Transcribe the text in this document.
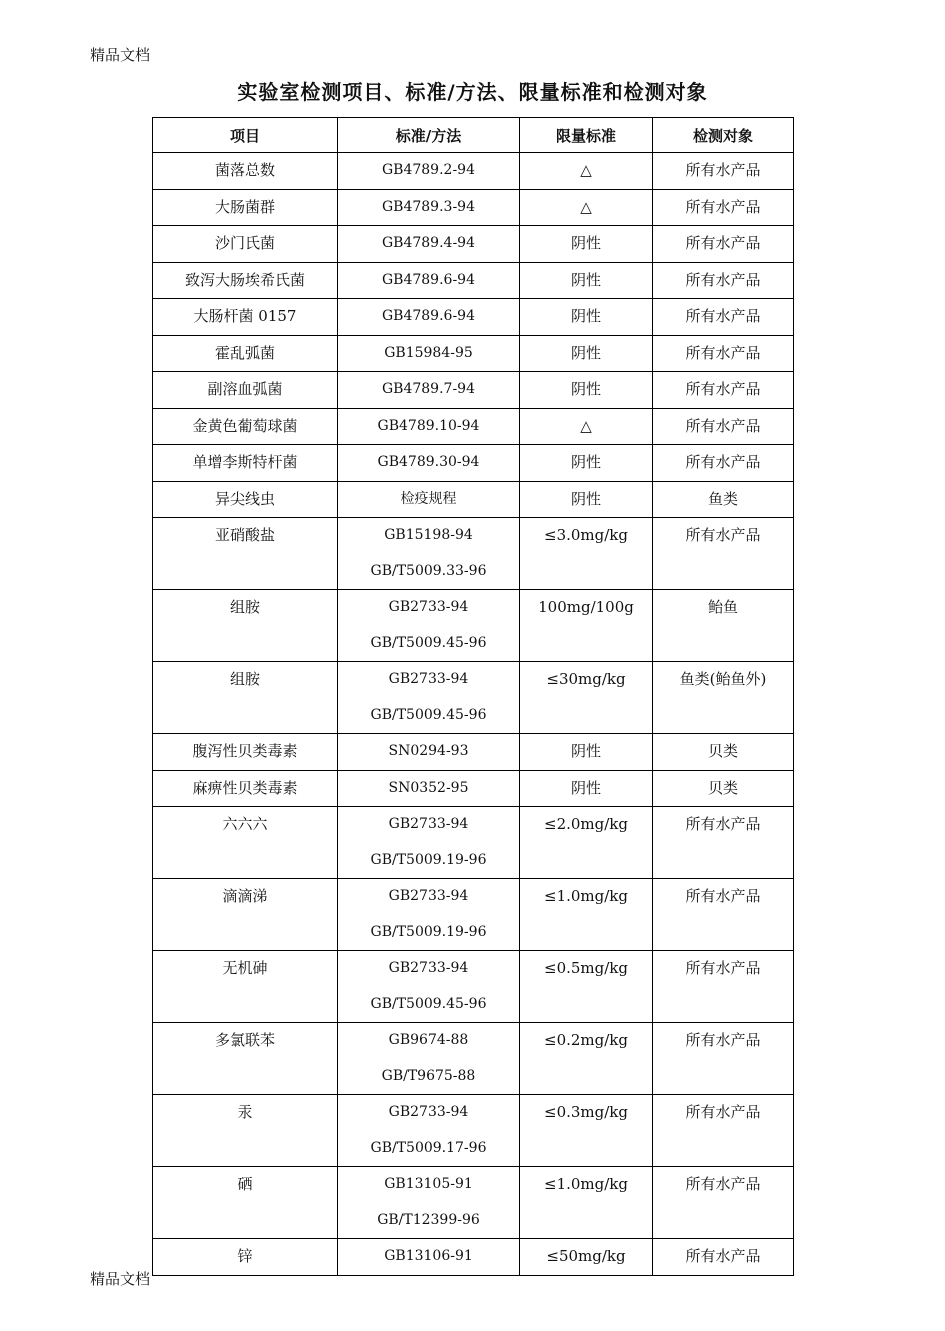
精品文档
实验室检测项目、标准/方法、限量标准和检测对象
项目	标准/方法	限量标准	检测对象

菌落总数	GB4789.2-94	△	所有水产品

大肠菌群	GB4789.3-94	△	所有水产品

沙门氏菌	GB4789.4-94	阴性	所有水产品

致泻大肠埃希氏菌	GB4789.6-94	阴性	所有水产品

大肠杆菌 0157	GB4789.6-94	阴性	所有水产品

霍乱弧菌	GB15984-95	阴性	所有水产品

副溶血弧菌	GB4789.7-94	阴性	所有水产品

金黄色葡萄球菌	GB4789.10-94	△	所有水产品

单增李斯特杆菌	GB4789.30-94	阴性	所有水产品

异尖线虫	检疫规程	阴性	鱼类

亚硝酸盐	GB15198-94
GB/T5009.33-96	≤3.0mg/kg	所有水产品

组胺	GB2733-94
GB/T5009.45-96	100mg/100g	鲐鱼

组胺	GB2733-94
GB/T5009.45-96	≤30mg/kg	鱼类(鲐鱼外)

腹泻性贝类毒素	SN0294-93	阴性	贝类

麻痹性贝类毒素	SN0352-95	阴性	贝类

六六六	GB2733-94
GB/T5009.19-96	≤2.0mg/kg	所有水产品

滴滴涕	GB2733-94
GB/T5009.19-96	≤1.0mg/kg	所有水产品

无机砷	GB2733-94
GB/T5009.45-96	≤0.5mg/kg	所有水产品

多氯联苯	GB9674-88
GB/T9675-88	≤0.2mg/kg	所有水产品

汞	GB2733-94
GB/T5009.17-96	≤0.3mg/kg	所有水产品

硒	GB13105-91
GB/T12399-96	≤1.0mg/kg	所有水产品

锌	GB13106-91	≤50mg/kg	所有水产品
精品文档
